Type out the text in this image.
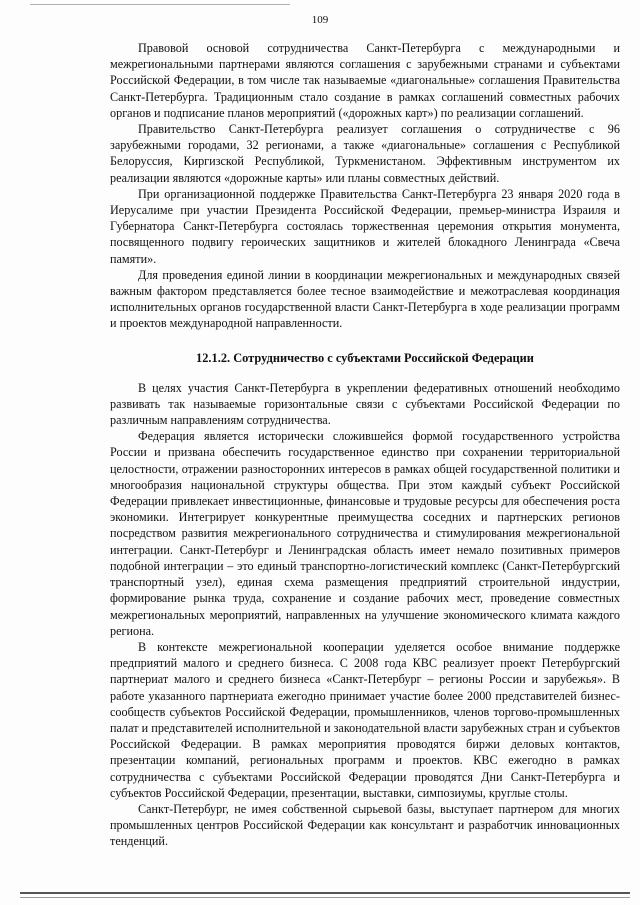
109

Правовой основой сотрудничества Санкт-Петербурга с международными и межрегиональными партнерами являются соглашения с зарубежными странами и субъектами Российской Федерации, в том числе так называемые «диагональные» соглашения Правительства Санкт-Петербурга. Традиционным стало создание в рамках соглашений совместных рабочих органов и подписание планов мероприятий («дорожных карт») по реализации соглашений.

Правительство Санкт-Петербурга реализует соглашения о сотрудничестве с 96 зарубежными городами, 32 регионами, а также «диагональные» соглашения с Республикой Белоруссия, Киргизской Республикой, Туркменистаном. Эффективным инструментом их реализации являются «дорожные карты» или планы совместных действий.

При организационной поддержке Правительства Санкт-Петербурга 23 января 2020 года в Иерусалиме при участии Президента Российской Федерации, премьер-министра Израиля и Губернатора Санкт-Петербурга состоялась торжественная церемония открытия монумента, посвященного подвигу героических защитников и жителей блокадного Ленинграда «Свеча памяти».

Для проведения единой линии в координации межрегиональных и международных связей важным фактором представляется более тесное взаимодействие и межотраслевая координация исполнительных органов государственной власти Санкт-Петербурга в ходе реализации программ и проектов международной направленности.

12.1.2. Сотрудничество с субъектами Российской Федерации

В целях участия Санкт-Петербурга в укреплении федеративных отношений необходимо развивать так называемые горизонтальные связи с субъектами Российской Федерации по различным направлениям сотрудничества.

Федерация является исторически сложившейся формой государственного устройства России и призвана обеспечить государственное единство при сохранении территориальной целостности, отражении разносторонних интересов в рамках общей государственной политики и многообразия национальной структуры общества. При этом каждый субъект Российской Федерации привлекает инвестиционные, финансовые и трудовые ресурсы для обеспечения роста экономики. Интегрирует конкурентные преимущества соседних и партнерских регионов посредством развития межрегионального сотрудничества и стимулирования межрегиональной интеграции. Санкт-Петербург и Ленинградская область имеет немало позитивных примеров подобной интеграции – это единый транспортно-логистический комплекс (Санкт-Петербургский транспортный узел), единая схема размещения предприятий строительной индустрии, формирование рынка труда, сохранение и создание рабочих мест, проведение совместных межрегиональных мероприятий, направленных на улучшение экономического климата каждого региона.

В контексте межрегиональной кооперации уделяется особое внимание поддержке предприятий малого и среднего бизнеса. С 2008 года КВС реализует проект Петербургский партнериат малого и среднего бизнеса «Санкт-Петербург – регионы России и зарубежья». В работе указанного партнериата ежегодно принимает участие более 2000 представителей бизнес-сообществ субъектов Российской Федерации, промышленников, членов торгово-промышленных палат и представителей исполнительной и законодательной власти зарубежных стран и субъектов Российской Федерации. В рамках мероприятия проводятся биржи деловых контактов, презентации компаний, региональных программ и проектов. КВС ежегодно в рамках сотрудничества с субъектами Российской Федерации проводятся Дни Санкт-Петербурга и субъектов Российской Федерации, презентации, выставки, симпозиумы, круглые столы.

Санкт-Петербург, не имея собственной сырьевой базы, выступает партнером для многих промышленных центров Российской Федерации как консультант и разработчик инновационных тенденций.
